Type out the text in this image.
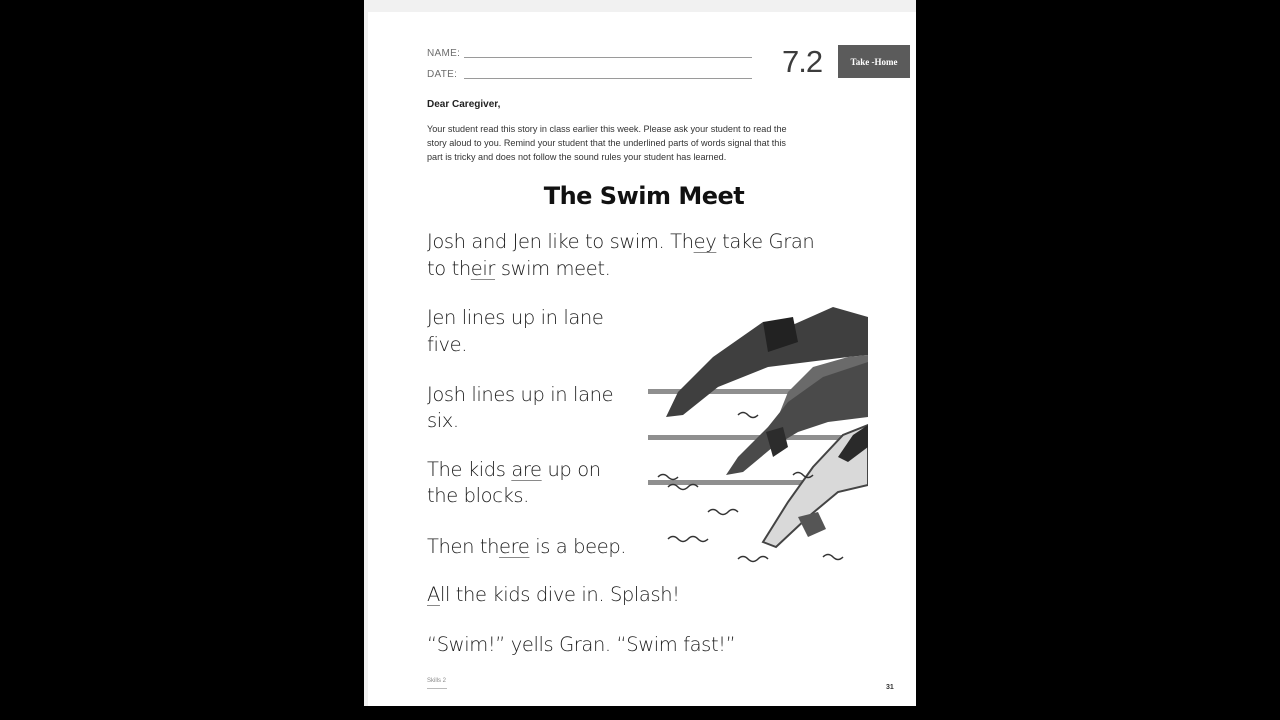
NAME:
DATE:	7.2	Take -Home
Dear Caregiver,
Your student read this story in class earlier this week. Please ask your student to read the
story aloud to you. Remind your student that the underlined parts of words signal that this
part is tricky and does not follow the sound rules your student has learned.
The Swim Meet
Josh and Jen like to swim. They take Gran
to their swim meet.
Jen lines up in lane
five.
Josh lines up in lane
six.
The kids are up on
the blocks.
Then there is a beep.
All the kids dive in. Splash!
“Swim!” yells Gran. “Swim fast!”
Skills 2
31
